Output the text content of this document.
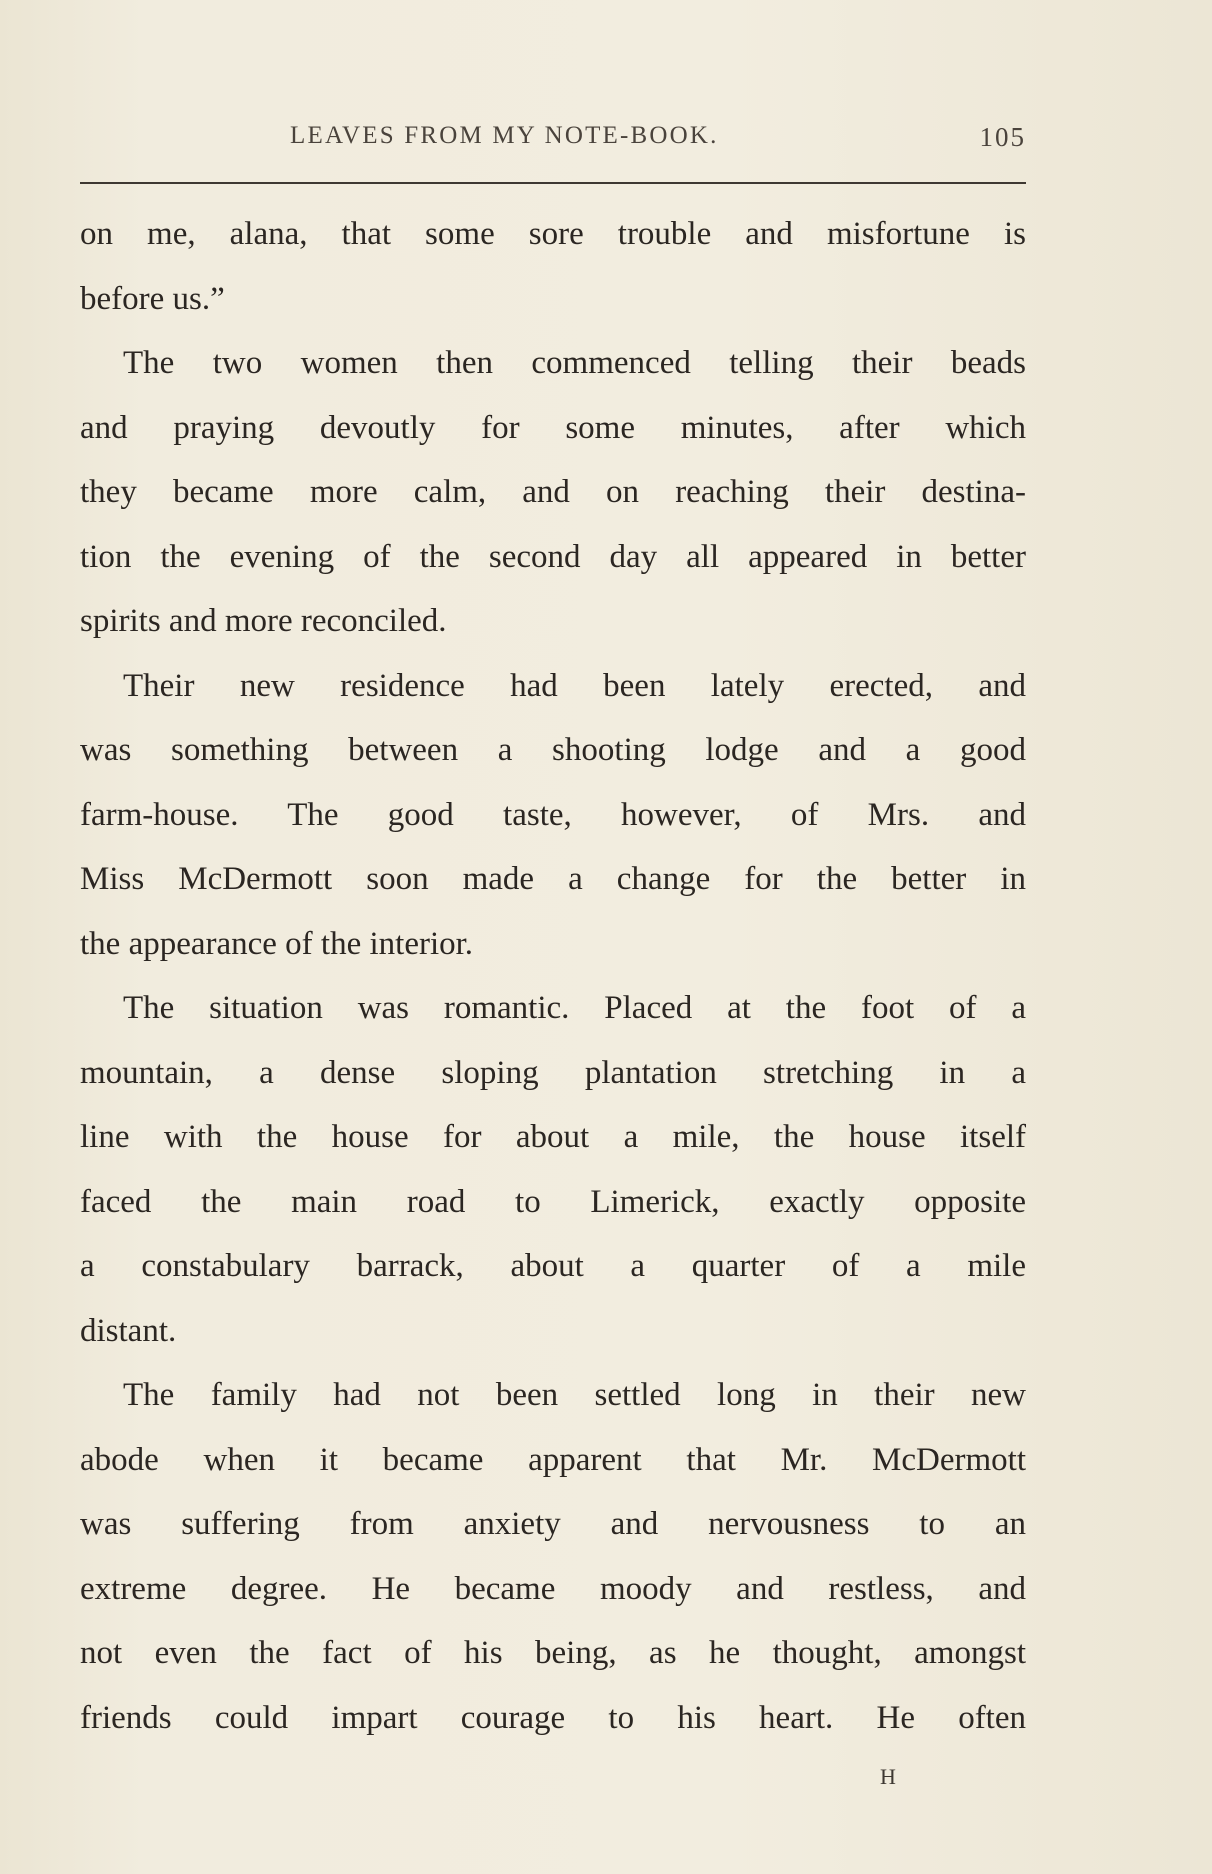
LEAVES FROM MY NOTE-BOOK.	105
on me, alana, that some sore trouble and misfortune is
before us.”
The two women then commenced telling their beads
and praying devoutly for some minutes, after which
they became more calm, and on reaching their destina-
tion the evening of the second day all appeared in better
spirits and more reconciled.
Their new residence had been lately erected, and
was something between a shooting lodge and a good
farm-house. The good taste, however, of Mrs. and
Miss McDermott soon made a change for the better in
the appearance of the interior.
The situation was romantic. Placed at the foot of a
mountain, a dense sloping plantation stretching in a
line with the house for about a mile, the house itself
faced the main road to Limerick, exactly opposite
a constabulary barrack, about a quarter of a mile
distant.
The family had not been settled long in their new
abode when it became apparent that Mr. McDermott
was suffering from anxiety and nervousness to an
extreme degree. He became moody and restless, and
not even the fact of his being, as he thought, amongst
friends could impart courage to his heart. He often
H
